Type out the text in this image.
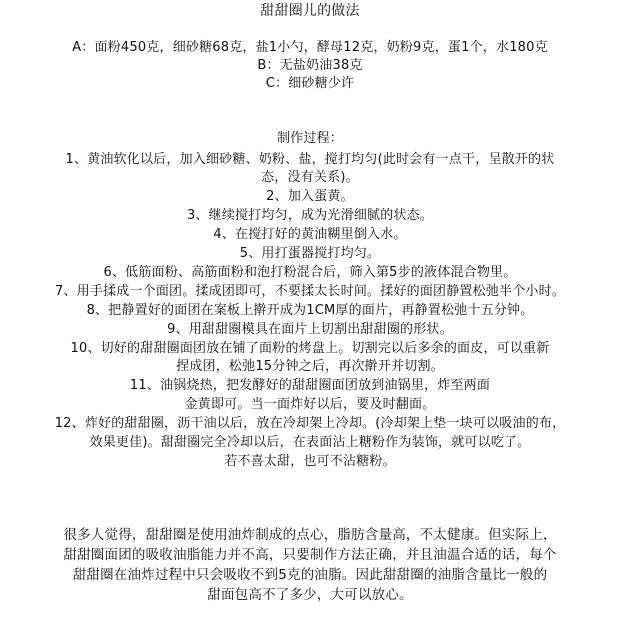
甜甜圈儿的做法
A：面粉450克，细砂糖68克，盐1小勺，酵母12克，奶粉9克，蛋1个，水180克
B：无盐奶油38克
C：细砂糖少许
制作过程：
1、黄油软化以后，加入细砂糖、奶粉、盐，搅打均匀(此时会有一点干，呈散开的状
态，没有关系)。
2、加入蛋黄。
3、继续搅打均匀，成为光滑细腻的状态。
4、在搅打好的黄油糊里倒入水。
5、用打蛋器搅打均匀。
6、低筋面粉、高筋面粉和泡打粉混合后，筛入第5步的液体混合物里。
7、用手揉成一个面团。揉成团即可，不要揉太长时间。揉好的面团静置松弛半个小时。
8、把静置好的面团在案板上擀开成为1CM厚的面片，再静置松弛十五分钟。
9、用甜甜圈模具在面片上切割出甜甜圈的形状。
10、切好的甜甜圈面团放在铺了面粉的烤盘上。切割完以后多余的面皮，可以重新
捏成团，松弛15分钟之后，再次擀开并切割。
11、油锅烧热，把发酵好的甜甜圈面团放到油锅里，炸至两面
金黄即可。当一面炸好以后，要及时翻面。
12、炸好的甜甜圈，沥干油以后，放在冷却架上冷却。(冷却架上垫一块可以吸油的布，
效果更佳)。甜甜圈完全冷却以后，在表面沾上糖粉作为装饰，就可以吃了。
若不喜太甜，也可不沾糖粉。
很多人觉得，甜甜圈是使用油炸制成的点心，脂肪含量高，不太健康。但实际上，
甜甜圈面团的吸收油脂能力并不高，只要制作方法正确，并且油温合适的话，每个
甜甜圈在油炸过程中只会吸收不到5克的油脂。因此甜甜圈的油脂含量比一般的
甜面包高不了多少，大可以放心。
